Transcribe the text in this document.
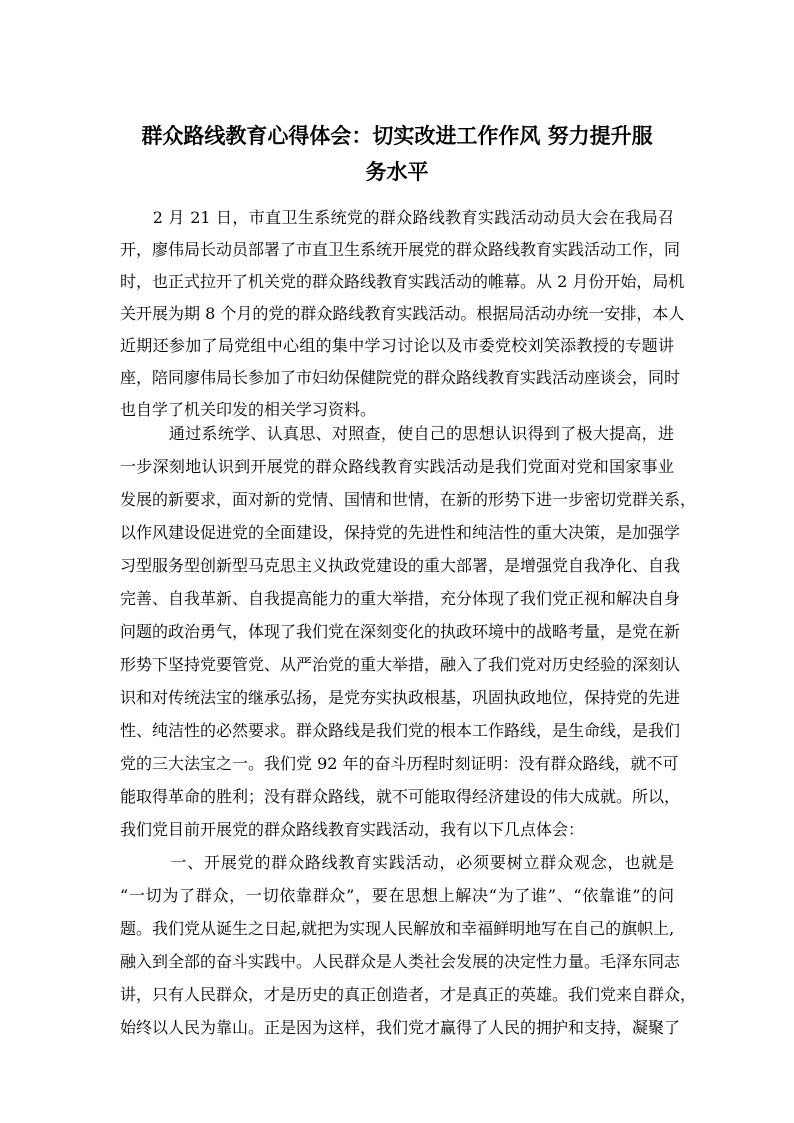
群众路线教育心得体会：切实改进工作作风 努力提升服
务水平
　　2 月 21 日，市直卫生系统党的群众路线教育实践活动动员大会在我局召
开，廖伟局长动员部署了市直卫生系统开展党的群众路线教育实践活动工作，同
时，也正式拉开了机关党的群众路线教育实践活动的帷幕。从 2 月份开始，局机
关开展为期 8 个月的党的群众路线教育实践活动。根据局活动办统一安排，本人
近期还参加了局党组中心组的集中学习讨论以及市委党校刘笑添教授的专题讲
座，陪同廖伟局长参加了市妇幼保健院党的群众路线教育实践活动座谈会，同时
也自学了机关印发的相关学习资料。
　　　通过系统学、认真思、对照查，使自己的思想认识得到了极大提高，进
一步深刻地认识到开展党的群众路线教育实践活动是我们党面对党和国家事业
发展的新要求，面对新的党情、国情和世情，在新的形势下进一步密切党群关系，
以作风建设促进党的全面建设，保持党的先进性和纯洁性的重大决策，是加强学
习型服务型创新型马克思主义执政党建设的重大部署，是增强党自我净化、自我
完善、自我革新、自我提高能力的重大举措，充分体现了我们党正视和解决自身
问题的政治勇气，体现了我们党在深刻变化的执政环境中的战略考量，是党在新
形势下坚持党要管党、从严治党的重大举措，融入了我们党对历史经验的深刻认
识和对传统法宝的继承弘扬，是党夯实执政根基，巩固执政地位，保持党的先进
性、纯洁性的必然要求。群众路线是我们党的根本工作路线，是生命线，是我们
党的三大法宝之一。我们党 92 年的奋斗历程时刻证明：没有群众路线，就不可
能取得革命的胜利；没有群众路线，就不可能取得经济建设的伟大成就。所以，
我们党目前开展党的群众路线教育实践活动，我有以下几点体会：
　　　一、开展党的群众路线教育实践活动，必须要树立群众观念，也就是
“一切为了群众，一切依靠群众”，要在思想上解决“为了谁”、“依靠谁”的问
题。我们党从诞生之日起,就把为实现人民解放和幸福鲜明地写在自己的旗帜上,
融入到全部的奋斗实践中。人民群众是人类社会发展的决定性力量。毛泽东同志
讲，只有人民群众，才是历史的真正创造者，才是真正的英雄。我们党来自群众，
始终以人民为靠山。正是因为这样，我们党才赢得了人民的拥护和支持，凝聚了
